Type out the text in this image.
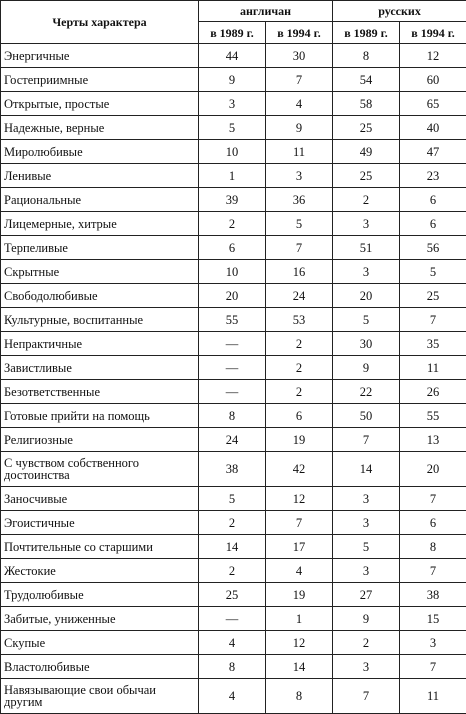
Черты характера	англичан		русских	
	в 1989 г.	в 1994 г.	в 1989 г.	в 1994 г.
Энергичные	44	30	8	12
Гостеприимные	9	7	54	60
Открытые, простые	3	4	58	65
Надежные, верные	5	9	25	40
Миролюбивые	10	11	49	47
Ленивые	1	3	25	23
Рациональные	39	36	2	6
Лицемерные, хитрые	2	5	3	6
Терпеливые	6	7	51	56
Скрытные	10	16	3	5
Свободолюбивые	20	24	20	25
Культурные, воспитанные	55	53	5	7
Непрактичные	—	2	30	35
Завистливые	—	2	9	11
Безответственные	—	2	22	26
Готовые прийти на помощь	8	6	50	55
Религиозные	24	19	7	13
С чувством собственного достоинства	38	42	14	20
Заносчивые	5	12	3	7
Эгоистичные	2	7	3	6
Почтительные со старшими	14	17	5	8
Жестокие	2	4	3	7
Трудолюбивые	25	19	27	38
Забитые, униженные	—	1	9	15
Скупые	4	12	2	3
Властолюбивые	8	14	3	7
Навязывающие свои обычаи другим	4	8	7	11
